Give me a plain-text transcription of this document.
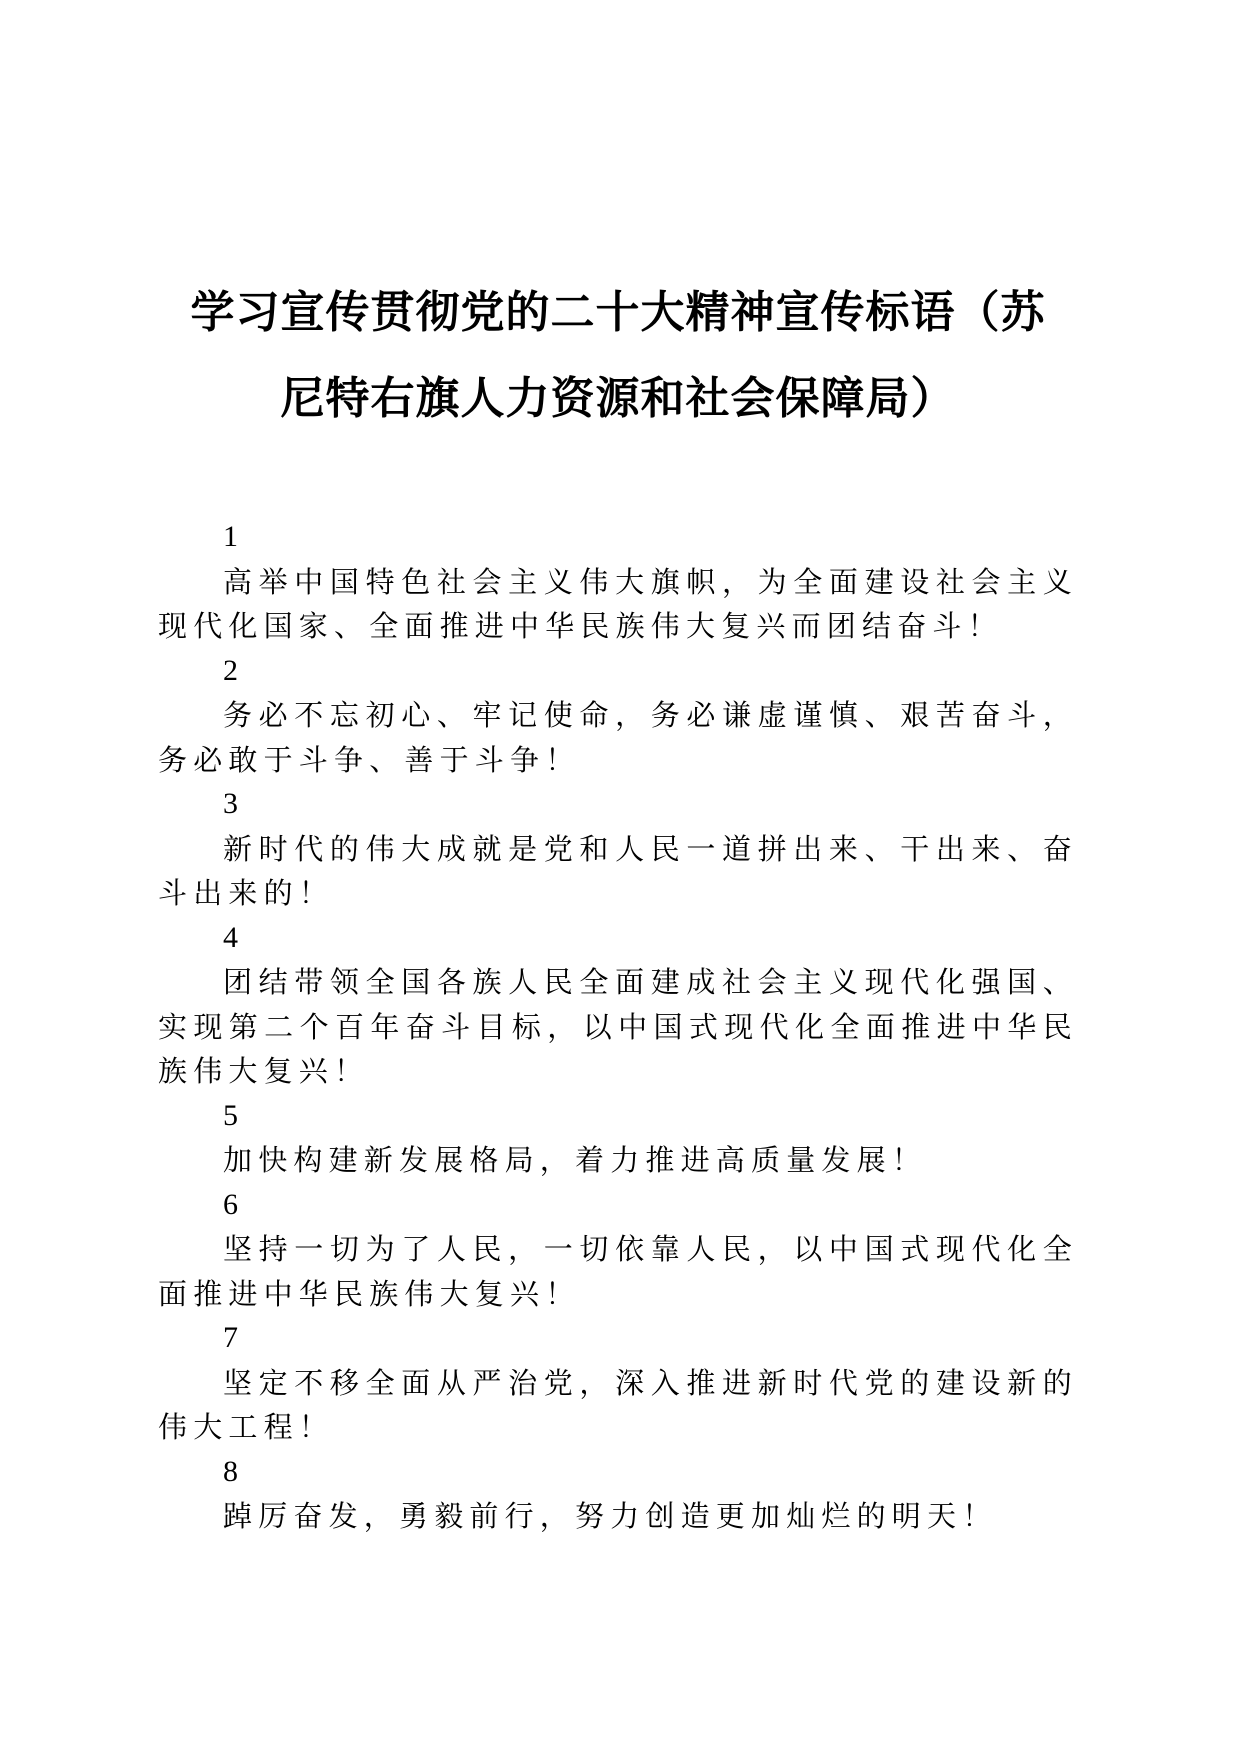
学习宣传贯彻党的二十大精神宣传标语（苏
尼特右旗人力资源和社会保障局）
1
高举中国特色社会主义伟大旗帜，为全面建设社会主义现代化国家、全面推进中华民族伟大复兴而团结奋斗！
2
务必不忘初心、牢记使命，务必谦虚谨慎、艰苦奋斗，务必敢于斗争、善于斗争！
3
新时代的伟大成就是党和人民一道拼出来、干出来、奋斗出来的！
4
团结带领全国各族人民全面建成社会主义现代化强国、实现第二个百年奋斗目标，以中国式现代化全面推进中华民族伟大复兴！
5
加快构建新发展格局，着力推进高质量发展！
6
坚持一切为了人民，一切依靠人民，以中国式现代化全面推进中华民族伟大复兴！
7
坚定不移全面从严治党，深入推进新时代党的建设新的伟大工程！
8
踔厉奋发，勇毅前行，努力创造更加灿烂的明天！
